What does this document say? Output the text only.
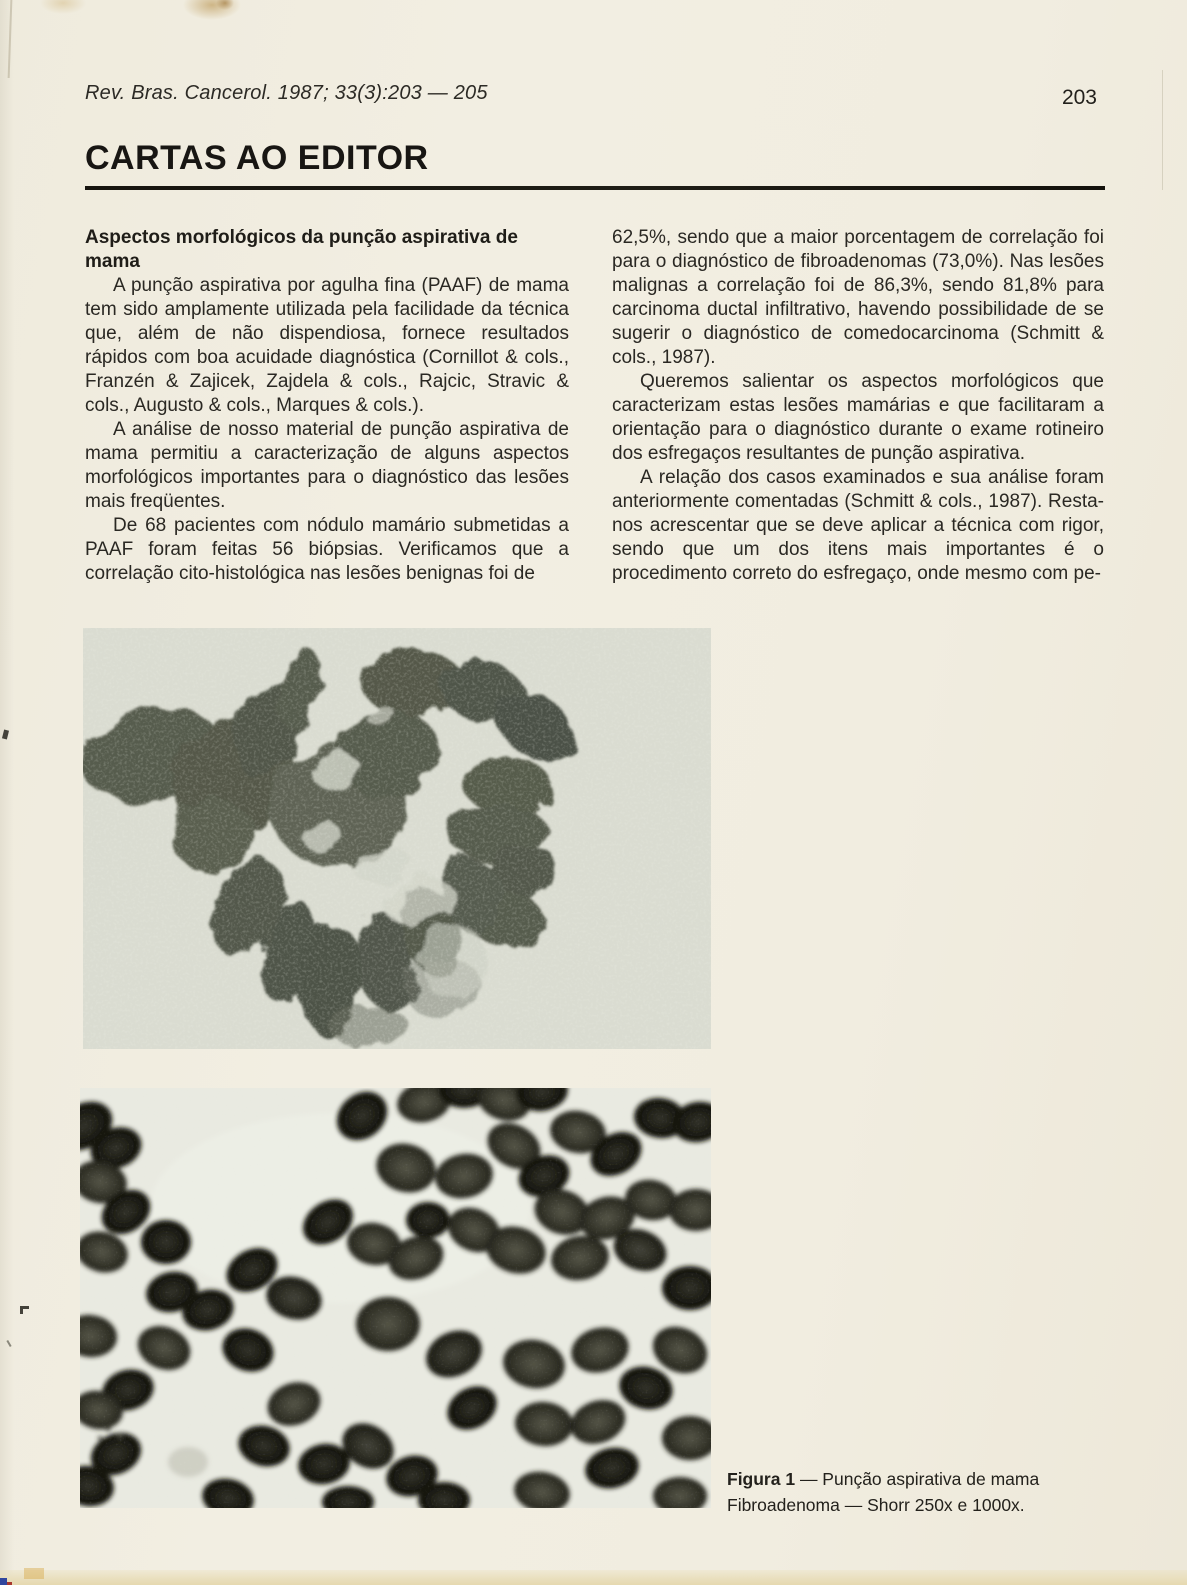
Rev. Bras. Cancerol. 1987; 33(3):203 — 205	203
CARTAS AO EDITOR
Aspectos morfológicos da punção aspirativa de mama

A punção aspirativa por agulha fina (PAAF) de mama tem sido amplamente utilizada pela facilidade da técnica que, além de não dispendiosa, fornece resultados rápidos com boa acuidade diagnóstica (Cornillot & cols., Franzén & Zajicek, Zajdela & cols., Rajcic, Stravic & cols., Augusto & cols., Marques & cols.).

A análise de nosso material de punção aspirativa de mama permitiu a caracterização de alguns aspectos morfológicos importantes para o diagnóstico das lesões mais freqüentes.

De 68 pacientes com nódulo mamário submetidas a PAAF foram feitas 56 biópsias. Verificamos que a correlação cito-histológica nas lesões benignas foi de

62,5%, sendo que a maior porcentagem de correlação foi para o diagnóstico de fibroadenomas (73,0%). Nas lesões malignas a correlação foi de 86,3%, sendo 81,8% para carcinoma ductal infiltrativo, havendo possibilidade de se sugerir o diagnóstico de comedocarcinoma (Schmitt & cols., 1987).

Queremos salientar os aspectos morfológicos que caracterizam estas lesões mamárias e que facilitaram a orientação para o diagnóstico durante o exame rotineiro dos esfregaços resultantes de punção aspirativa.

A relação dos casos examinados e sua análise foram anteriormente comentadas (Schmitt & cols., 1987). Resta-nos acrescentar que se deve aplicar a técnica com rigor, sendo que um dos itens mais importantes é o procedimento correto do esfregaço, onde mesmo com pe-

Figura 1 — Punção aspirativa de mama
Fibroadenoma — Shorr 250x e 1000x.
